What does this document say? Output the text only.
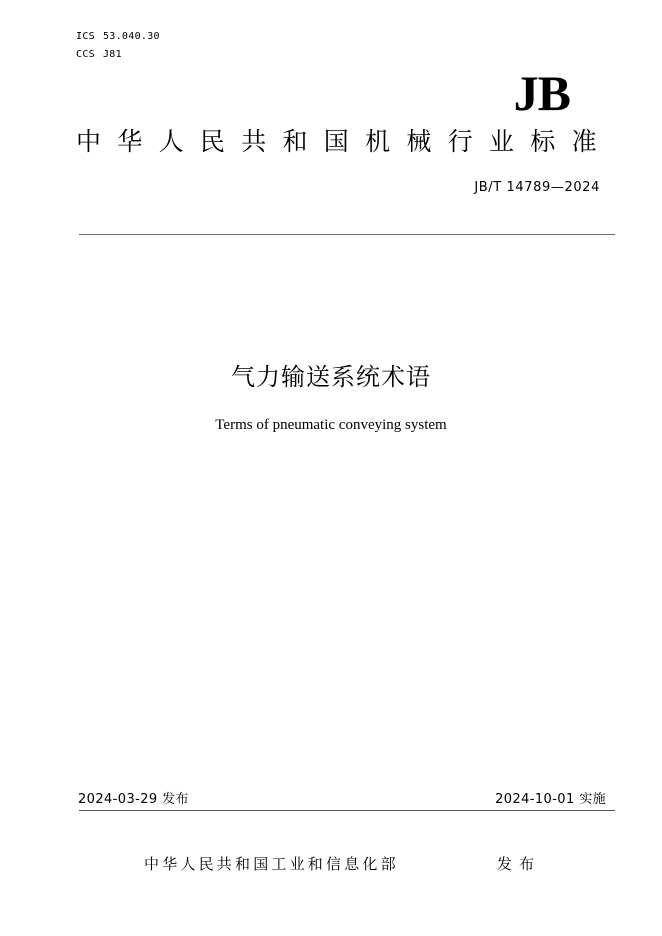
ICS 53.040.30
CCS J81
JB
中华人民共和国机械行业标准
JB/T 14789—2024
气力输送系统术语
Terms of pneumatic conveying system
2024-03-29 发布	2024-10-01 实施
中华人民共和国工业和信息化部	发布
